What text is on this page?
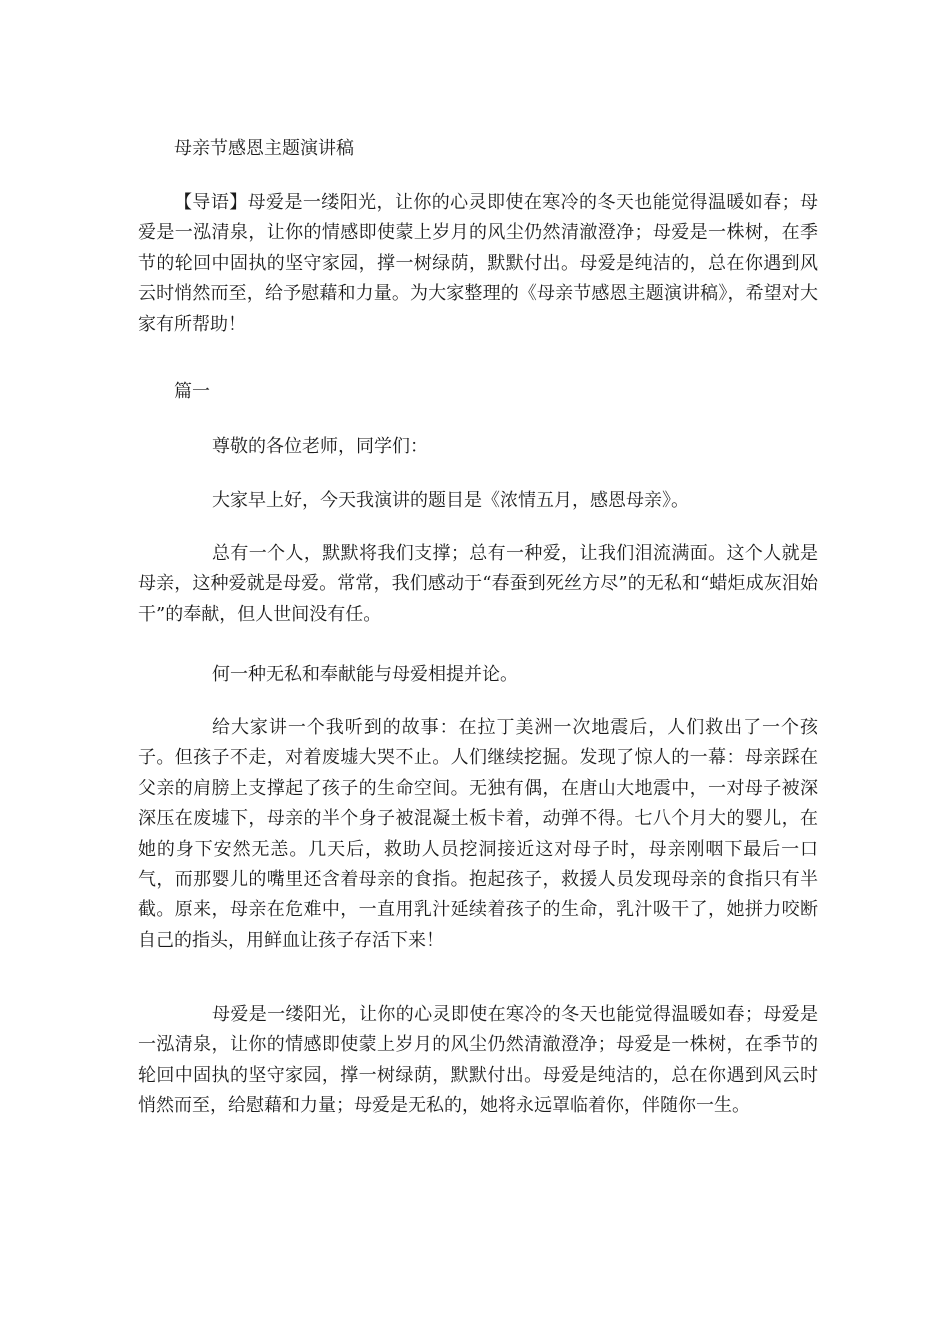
母亲节感恩主题演讲稿

【导语】母爱是一缕阳光，让你的心灵即使在寒冷的冬天也能觉得温暖如春；母爱是一泓清泉，让你的情感即使蒙上岁月的风尘仍然清澈澄净；母爱是一株树，在季节的轮回中固执的坚守家园，撑一树绿荫，默默付出。母爱是纯洁的，总在你遇到风云时悄然而至，给予慰藉和力量。为大家整理的《母亲节感恩主题演讲稿》，希望对大家有所帮助！

篇一

尊敬的各位老师，同学们：

大家早上好，今天我演讲的题目是《浓情五月，感恩母亲》。

总有一个人，默默将我们支撑；总有一种爱，让我们泪流满面。这个人就是母亲，这种爱就是母爱。常常，我们感动于“春蚕到死丝方尽”的无私和“蜡炬成灰泪始干”的奉献，但人世间没有任。

何一种无私和奉献能与母爱相提并论。

给大家讲一个我听到的故事：在拉丁美洲一次地震后，人们救出了一个孩子。但孩子不走，对着废墟大哭不止。人们继续挖掘。发现了惊人的一幕：母亲踩在父亲的肩膀上支撑起了孩子的生命空间。无独有偶，在唐山大地震中，一对母子被深深压在废墟下，母亲的半个身子被混凝土板卡着，动弹不得。七八个月大的婴儿，在她的身下安然无恙。几天后，救助人员挖洞接近这对母子时，母亲刚咽下最后一口气，而那婴儿的嘴里还含着母亲的食指。抱起孩子，救援人员发现母亲的食指只有半截。原来，母亲在危难中，一直用乳汁延续着孩子的生命，乳汁吸干了，她拼力咬断自己的指头，用鲜血让孩子存活下来！

母爱是一缕阳光，让你的心灵即使在寒冷的冬天也能觉得温暖如春；母爱是一泓清泉，让你的情感即使蒙上岁月的风尘仍然清澈澄净；母爱是一株树，在季节的轮回中固执的坚守家园，撑一树绿荫，默默付出。母爱是纯洁的，总在你遇到风云时悄然而至，给慰藉和力量；母爱是无私的，她将永远罩临着你，伴随你一生。
